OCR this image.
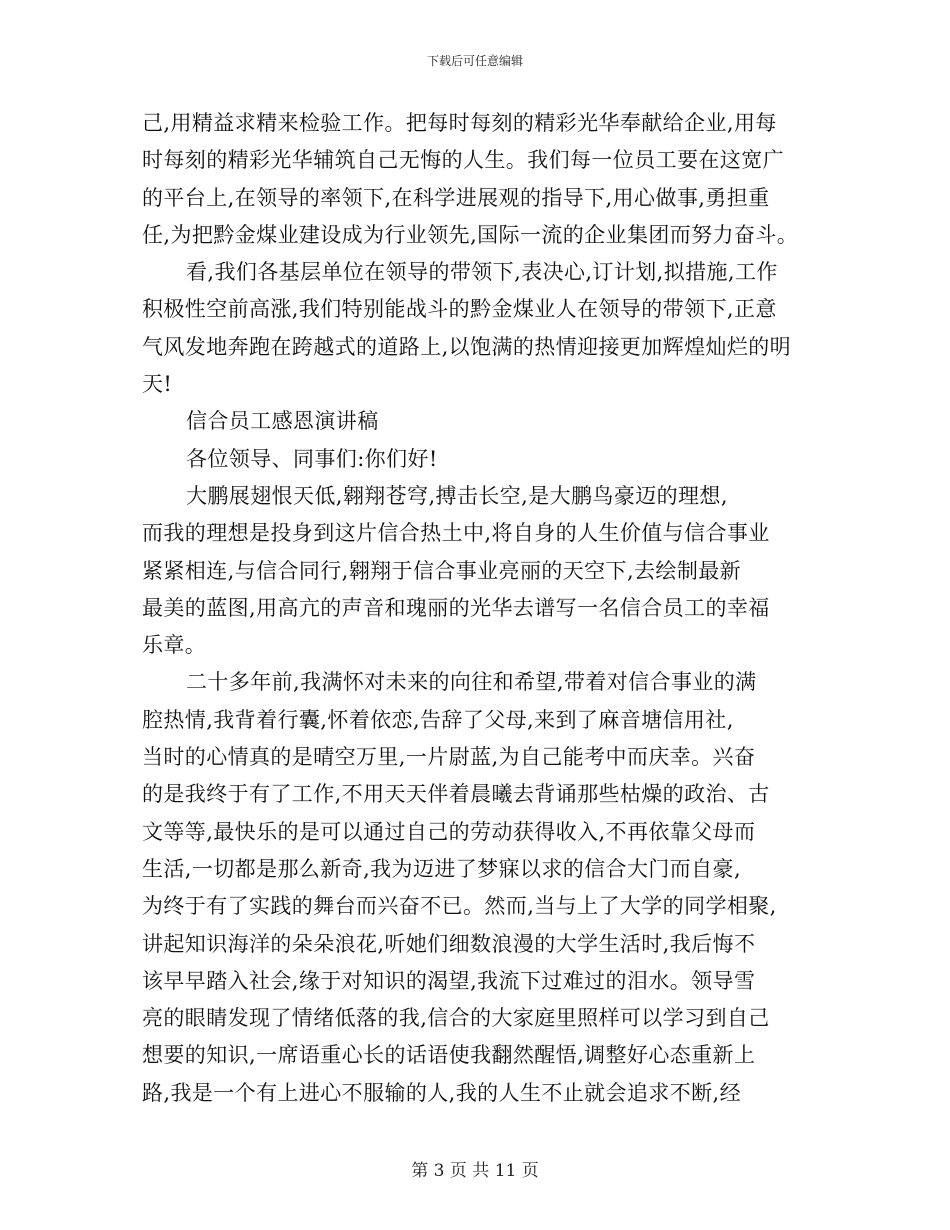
下载后可任意编辑
己,用精益求精来检验工作。把每时每刻的精彩光华奉献给企业,用每
时每刻的精彩光华辅筑自己无悔的人生。我们每一位员工要在这宽广
的平台上,在领导的率领下,在科学进展观的指导下,用心做事,勇担重
任,为把黔金煤业建设成为行业领先,国际一流的企业集团而努力奋斗。
看,我们各基层单位在领导的带领下,表决心,订计划,拟措施,工作
积极性空前高涨,我们特别能战斗的黔金煤业人在领导的带领下,正意
气风发地奔跑在跨越式的道路上,以饱满的热情迎接更加辉煌灿烂的明
天!
信合员工感恩演讲稿
各位领导、同事们:你们好!
大鹏展翅恨天低,翱翔苍穹,搏击长空,是大鹏鸟豪迈的理想,
而我的理想是投身到这片信合热土中,将自身的人生价值与信合事业
紧紧相连,与信合同行,翱翔于信合事业亮丽的天空下,去绘制最新
最美的蓝图,用高亢的声音和瑰丽的光华去谱写一名信合员工的幸福
乐章。
二十多年前,我满怀对未来的向往和希望,带着对信合事业的满
腔热情,我背着行囊,怀着依恋,告辞了父母,来到了麻音塘信用社,
当时的心情真的是晴空万里,一片尉蓝,为自己能考中而庆幸。兴奋
的是我终于有了工作,不用天天伴着晨曦去背诵那些枯燥的政治、古
文等等,最快乐的是可以通过自己的劳动获得收入,不再依靠父母而
生活,一切都是那么新奇,我为迈进了梦寐以求的信合大门而自豪,
为终于有了实践的舞台而兴奋不已。然而,当与上了大学的同学相聚,
讲起知识海洋的朵朵浪花,听她们细数浪漫的大学生活时,我后悔不
该早早踏入社会,缘于对知识的渴望,我流下过难过的泪水。领导雪
亮的眼睛发现了情绪低落的我,信合的大家庭里照样可以学习到自己
想要的知识,一席语重心长的话语使我翻然醒悟,调整好心态重新上
路,我是一个有上进心不服输的人,我的人生不止就会追求不断,经
第 3 页 共 11 页
